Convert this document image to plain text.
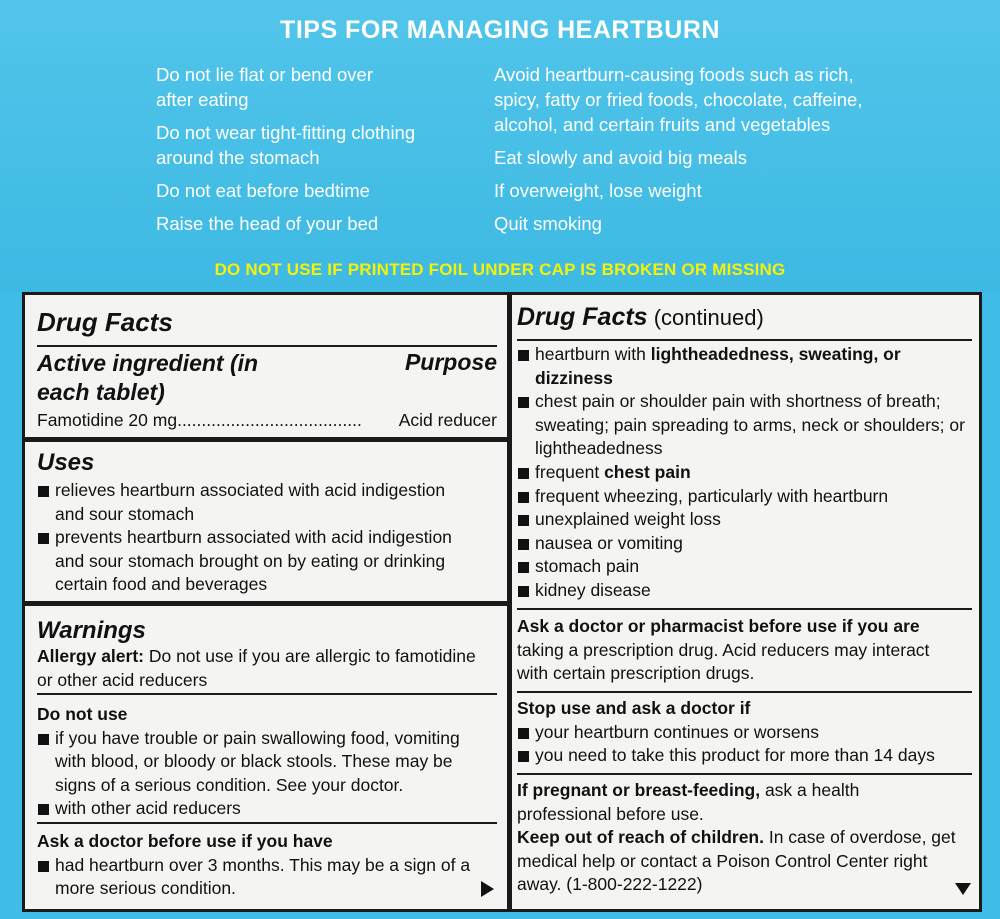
TIPS FOR MANAGING HEARTBURN
Do not lie flat or bend over after eating
Do not wear tight-fitting clothing around the stomach
Do not eat before bedtime
Raise the head of your bed
Avoid heartburn-causing foods such as rich, spicy, fatty or fried foods, chocolate, caffeine, alcohol, and certain fruits and vegetables
Eat slowly and avoid big meals
If overweight, lose weight
Quit smoking
DO NOT USE IF PRINTED FOIL UNDER CAP IS BROKEN OR MISSING
Drug Facts
Active ingredient (in each tablet)
Purpose
Famotidine 20 mg ......................................	Acid reducer
Uses
relieves heartburn associated with acid indigestion and sour stomach
prevents heartburn associated with acid indigestion and sour stomach brought on by eating or drinking certain food and beverages
Warnings
Allergy alert: Do not use if you are allergic to famotidine or other acid reducers
Do not use
if you have trouble or pain swallowing food, vomiting with blood, or bloody or black stools. These may be signs of a serious condition. See your doctor.
with other acid reducers
Ask a doctor before use if you have
had heartburn over 3 months. This may be a sign of a more serious condition.
Drug Facts (continued)
heartburn with lightheadedness, sweating, or dizziness
chest pain or shoulder pain with shortness of breath; sweating; pain spreading to arms, neck or shoulders; or lightheadedness
frequent chest pain
frequent wheezing, particularly with heartburn
unexplained weight loss
nausea or vomiting
stomach pain
kidney disease
Ask a doctor or pharmacist before use if you are taking a prescription drug. Acid reducers may interact with certain prescription drugs.
Stop use and ask a doctor if
your heartburn continues or worsens
you need to take this product for more than 14 days
If pregnant or breast-feeding, ask a health professional before use.
Keep out of reach of children. In case of overdose, get medical help or contact a Poison Control Center right away. (1-800-222-1222)
